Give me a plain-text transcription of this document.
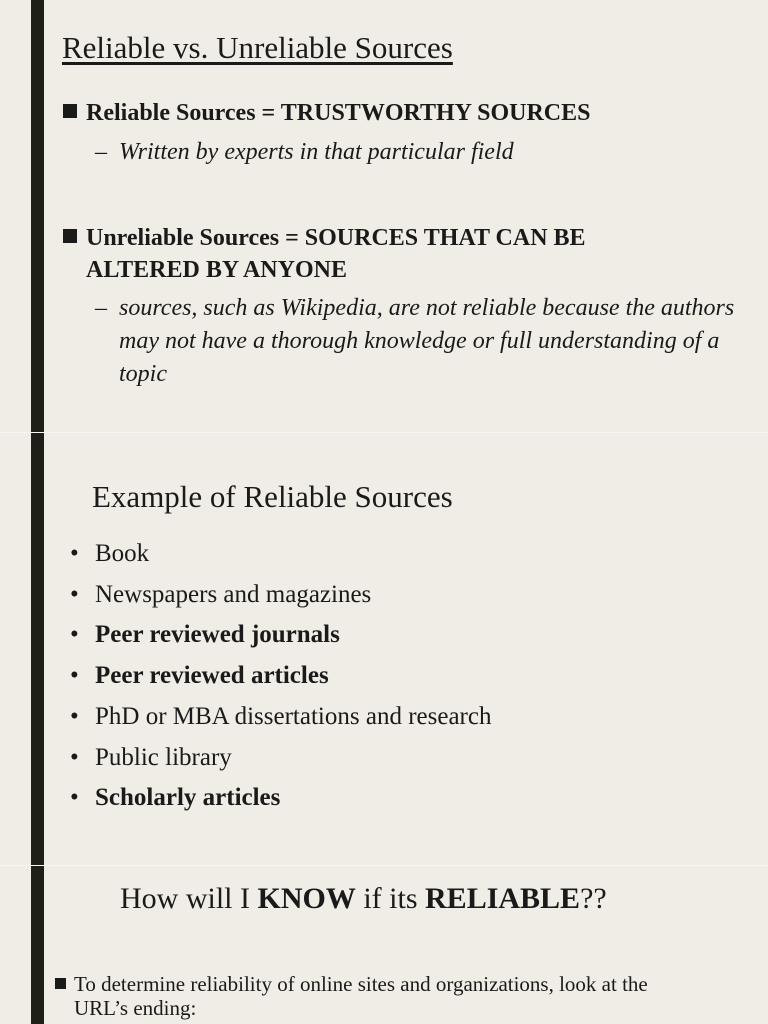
Reliable vs. Unreliable Sources
Reliable Sources = TRUSTWORTHY SOURCES
– Written by experts in that particular field
Unreliable Sources = SOURCES THAT CAN BE
ALTERED BY ANYONE
– sources, such as Wikipedia, are not reliable because the authors may not have a thorough knowledge or full understanding of a topic
Example of Reliable Sources
• Book
• Newspapers and magazines
• Peer reviewed journals
• Peer reviewed articles
• PhD or MBA dissertations and research
• Public library
• Scholarly articles
How will I KNOW if its RELIABLE??
To determine reliability of online sites and organizations, look at the
URL’s ending:
